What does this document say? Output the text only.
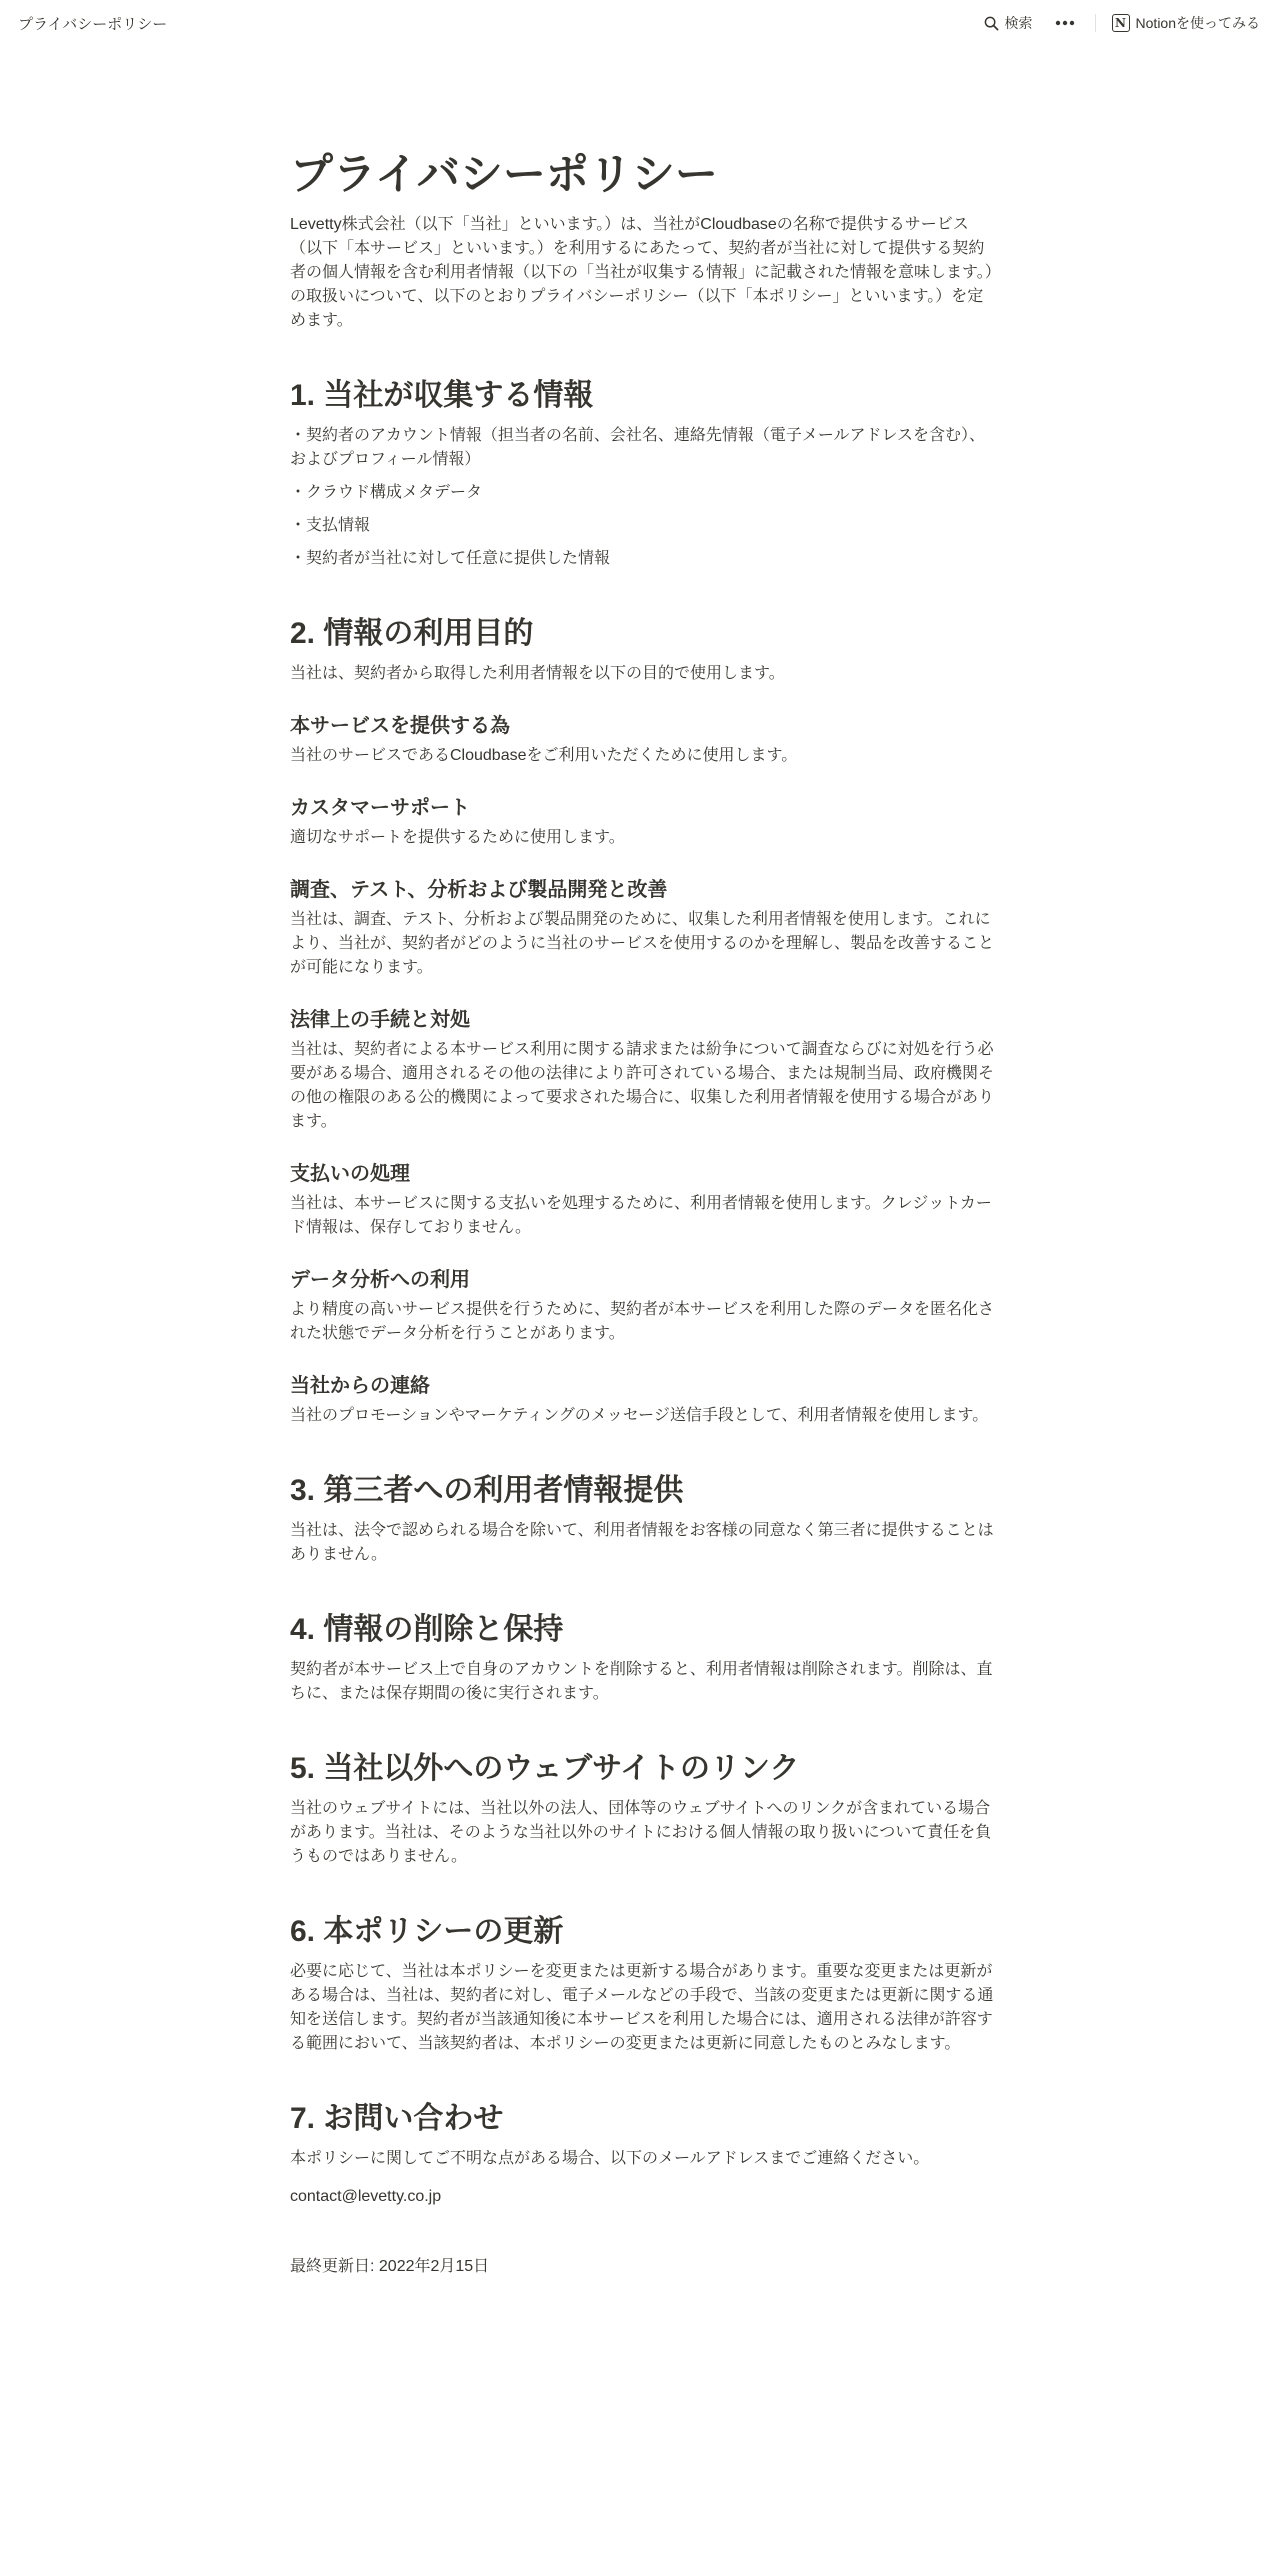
プライバシーポリシー	検索	N Notionを使ってみる
プライバシーポリシー
Levetty株式会社（以下「当社」といいます。）は、当社がCloudbaseの名称で提供するサービス（以下「本サービス」といいます。）を利用するにあたって、契約者が当社に対して提供する契約者の個人情報を含む利用者情報（以下の「当社が収集する情報」に記載された情報を意味します。）の取扱いについて、以下のとおりプライバシーポリシー（以下「本ポリシー」といいます。）を定めます。
1. 当社が収集する情報
・契約者のアカウント情報（担当者の名前、会社名、連絡先情報（電子メールアドレスを含む）、およびプロフィール情報）
・クラウド構成メタデータ
・支払情報
・契約者が当社に対して任意に提供した情報
2. 情報の利用目的
当社は、契約者から取得した利用者情報を以下の目的で使用します。
本サービスを提供する為
当社のサービスであるCloudbaseをご利用いただくために使用します。
カスタマーサポート
適切なサポートを提供するために使用します。
調査、テスト、分析および製品開発と改善
当社は、調査、テスト、分析および製品開発のために、収集した利用者情報を使用します。これにより、当社が、契約者がどのように当社のサービスを使用するのかを理解し、製品を改善することが可能になります。
法律上の手続と対処
当社は、契約者による本サービス利用に関する請求または紛争について調査ならびに対処を行う必要がある場合、適用されるその他の法律により許可されている場合、または規制当局、政府機関その他の権限のある公的機関によって要求された場合に、収集した利用者情報を使用する場合があります。
支払いの処理
当社は、本サービスに関する支払いを処理するために、利用者情報を使用します。クレジットカード情報は、保存しておりません。
データ分析への利用
より精度の高いサービス提供を行うために、契約者が本サービスを利用した際のデータを匿名化された状態でデータ分析を行うことがあります。
当社からの連絡
当社のプロモーションやマーケティングのメッセージ送信手段として、利用者情報を使用します。
3. 第三者への利用者情報提供
当社は、法令で認められる場合を除いて、利用者情報をお客様の同意なく第三者に提供することはありません。
4. 情報の削除と保持
契約者が本サービス上で自身のアカウントを削除すると、利用者情報は削除されます。削除は、直ちに、または保存期間の後に実行されます。
5. 当社以外へのウェブサイトのリンク
当社のウェブサイトには、当社以外の法人、団体等のウェブサイトへのリンクが含まれている場合があります。当社は、そのような当社以外のサイトにおける個人情報の取り扱いについて責任を負うものではありません。
6. 本ポリシーの更新
必要に応じて、当社は本ポリシーを変更または更新する場合があります。重要な変更または更新がある場合は、当社は、契約者に対し、電子メールなどの手段で、当該の変更または更新に関する通知を送信します。契約者が当該通知後に本サービスを利用した場合には、適用される法律が許容する範囲において、当該契約者は、本ポリシーの変更または更新に同意したものとみなします。
7. お問い合わせ
本ポリシーに関してご不明な点がある場合、以下のメールアドレスまでご連絡ください。
contact@levetty.co.jp
最終更新日: 2022年2月15日
